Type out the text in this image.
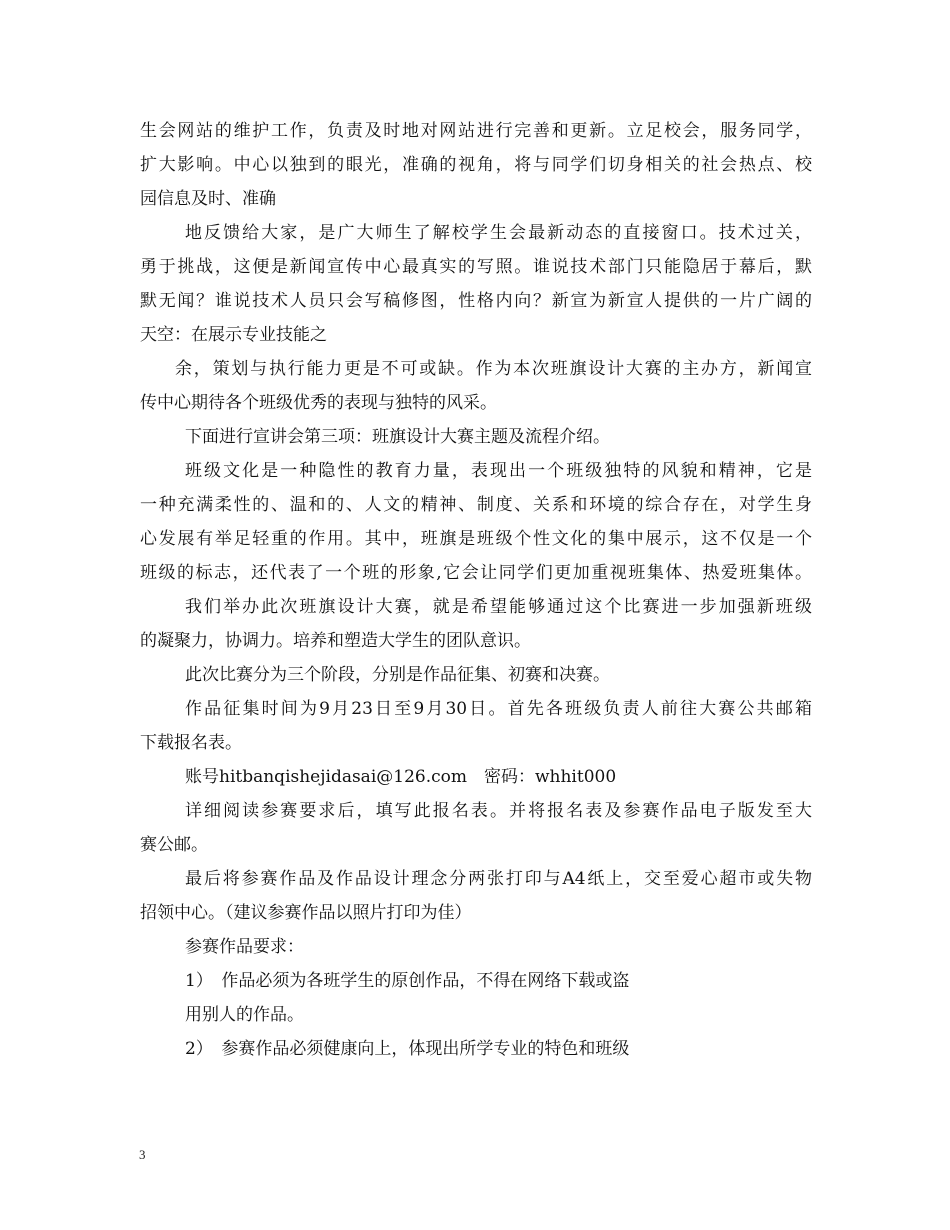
生会网站的维护工作，负责及时地对网站进行完善和更新。立足校会，服务同学，
扩大影响。中心以独到的眼光，准确的视角，将与同学们切身相关的社会热点、校
园信息及时、准确
地反馈给大家，是广大师生了解校学生会最新动态的直接窗口。技术过关，
勇于挑战，这便是新闻宣传中心最真实的写照。谁说技术部门只能隐居于幕后，默
默无闻？谁说技术人员只会写稿修图，性格内向？新宣为新宣人提供的一片广阔的
天空：在展示专业技能之
余，策划与执行能力更是不可或缺。作为本次班旗设计大赛的主办方，新闻宣
传中心期待各个班级优秀的表现与独特的风采。
下面进行宣讲会第三项：班旗设计大赛主题及流程介绍。
班级文化是一种隐性的教育力量，表现出一个班级独特的风貌和精神，它是
一种充满柔性的、温和的、人文的精神、制度、关系和环境的综合存在，对学生身
心发展有举足轻重的作用。其中，班旗是班级个性文化的集中展示，这不仅是一个
班级的标志，还代表了一个班的形象,它会让同学们更加重视班集体、热爱班集体。
我们举办此次班旗设计大赛，就是希望能够通过这个比赛进一步加强新班级
的凝聚力，协调力。培养和塑造大学生的团队意识。
此次比赛分为三个阶段，分别是作品征集、初赛和决赛。
作品征集时间为9月23日至9月30日。首先各班级负责人前往大赛公共邮箱
下载报名表。
账号hitbanqishejidasai@126.com　密码：whhit000
详细阅读参赛要求后，填写此报名表。并将报名表及参赛作品电子版发至大
赛公邮。
最后将参赛作品及作品设计理念分两张打印与A4纸上，交至爱心超市或失物
招领中心。（建议参赛作品以照片打印为佳）
参赛作品要求：
1）　作品必须为各班学生的原创作品，不得在网络下载或盗
用别人的作品。
2）　参赛作品必须健康向上，体现出所学专业的特色和班级
3
